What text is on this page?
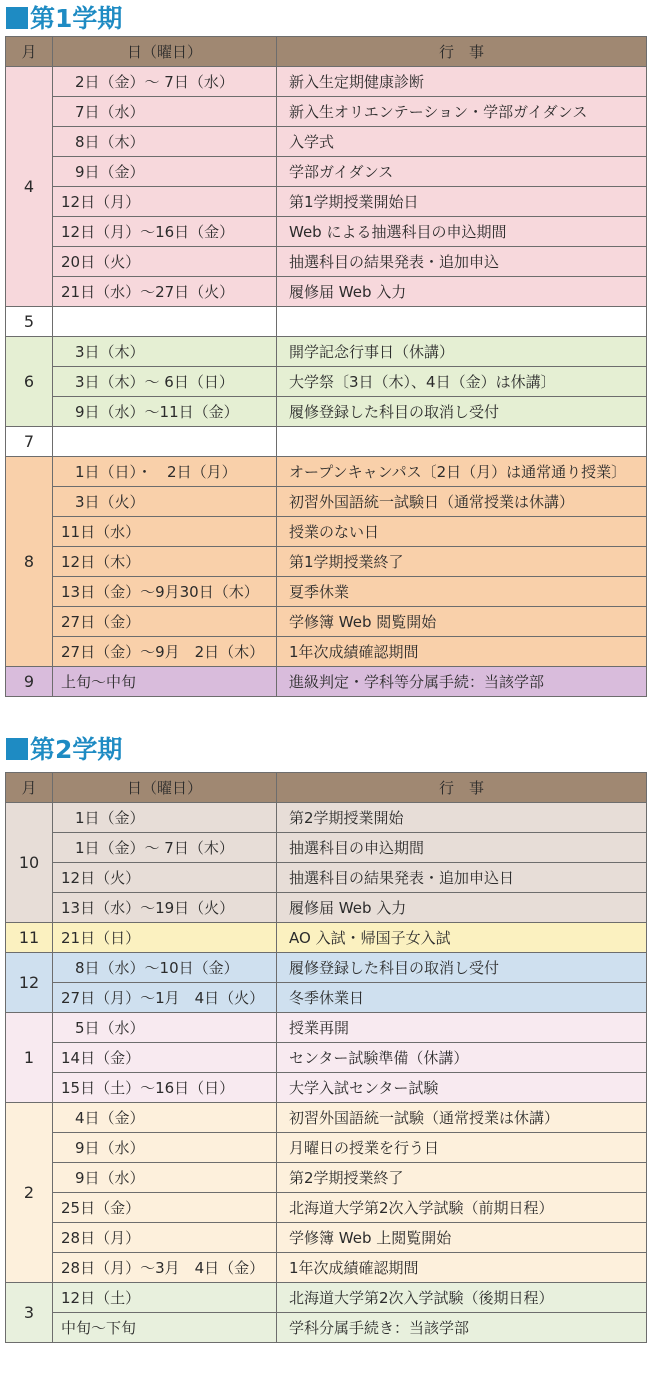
第1学期
月	日（曜日）	行　事
4	2日（金）～ 7日（水）	新入生定期健康診断
	7日（水）	新入生オリエンテーション・学部ガイダンス
	8日（木）	入学式
	9日（金）	学部ガイダンス
	12日（月）	第1学期授業開始日
	12日（月）～16日（金）	Web による抽選科目の申込期間
	20日（火）	抽選科目の結果発表・追加申込
	21日（水）～27日（火）	履修届 Web 入力
5		
6	3日（木）	開学記念行事日（休講）
	3日（木）～ 6日（日）	大学祭〔3日（木）、4日（金）は休講〕
	9日（水）～11日（金）	履修登録した科目の取消し受付
7		
8	1日（日）・　2日（月）	オープンキャンパス〔2日（月）は通常通り授業〕
	3日（火）	初習外国語統一試験日（通常授業は休講）
	11日（水）	授業のない日
	12日（木）	第1学期授業終了
	13日（金）～9月30日（木）	夏季休業
	27日（金）	学修簿 Web 閲覧開始
	27日（金）～9月　2日（木）	1年次成績確認期間
9	上旬～中旬	進級判定・学科等分属手続：当該学部
第2学期
月	日（曜日）	行　事
10	1日（金）	第2学期授業開始
	1日（金）～ 7日（木）	抽選科目の申込期間
	12日（火）	抽選科目の結果発表・追加申込日
	13日（水）～19日（火）	履修届 Web 入力
11	21日（日）	AO 入試・帰国子女入試
12	8日（水）～10日（金）	履修登録した科目の取消し受付
	27日（月）～1月　4日（火）	冬季休業日
1	5日（水）	授業再開
	14日（金）	センター試験準備（休講）
	15日（土）～16日（日）	大学入試センター試験
2	4日（金）	初習外国語統一試験（通常授業は休講）
	9日（水）	月曜日の授業を行う日
	9日（水）	第2学期授業終了
	25日（金）	北海道大学第2次入学試験（前期日程）
	28日（月）	学修簿 Web 上閲覧開始
	28日（月）～3月　4日（金）	1年次成績確認期間
3	12日（土）	北海道大学第2次入学試験（後期日程）
	中旬～下旬	学科分属手続き：当該学部
